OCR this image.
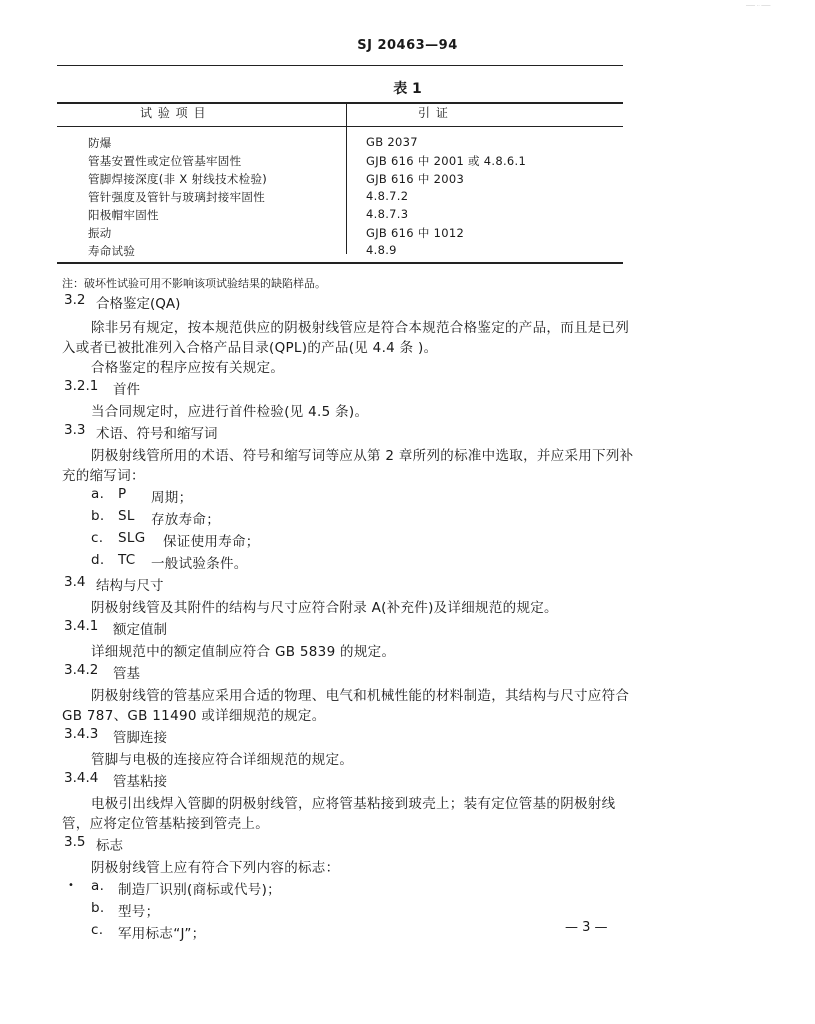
─── ·· ───
SJ 20463—94
表 1
试 验 项 目	引 证
防爆	GB 2037
管基安置性或定位管基牢固性	GJB 616 中 2001 或 4.8.6.1
管脚焊接深度(非 X 射线技术检验)	GJB 616 中 2003
管针强度及管针与玻璃封接牢固性	4.8.7.2
阳极帽牢固性	4.8.7.3
振动	GJB 616 中 1012
寿命试验	4.8.9
注：破坏性试验可用不影响该项试验结果的缺陷样品。
3.2 合格鉴定(QA)
除非另有规定，按本规范供应的阴极射线管应是符合本规范合格鉴定的产品，而且是已列
入或者已被批准列入合格产品目录(QPL)的产品(见 4.4 条 )。
合格鉴定的程序应按有关规定。
3.2.1 首件
当合同规定时，应进行首件检验(见 4.5 条)。
3.3 术语、符号和缩写词
阴极射线管所用的术语、符号和缩写词等应从第 2 章所列的标准中选取，并应采用下列补
充的缩写词：
a. P 周期；
b. SL 存放寿命；
c. SLG 保证使用寿命；
d. TC 一般试验条件。
3.4 结构与尺寸
阴极射线管及其附件的结构与尺寸应符合附录 A(补充件)及详细规范的规定。
3.4.1 额定值制
详细规范中的额定值制应符合 GB 5839 的规定。
3.4.2 管基
阴极射线管的管基应采用合适的物理、电气和机械性能的材料制造，其结构与尺寸应符合
GB 787、GB 11490 或详细规范的规定。
3.4.3 管脚连接
管脚与电极的连接应符合详细规范的规定。
3.4.4 管基粘接
电极引出线焊入管脚的阴极射线管，应将管基粘接到玻壳上；装有定位管基的阴极射线
管，应将定位管基粘接到管壳上。
3.5 标志
阴极射线管上应有符合下列内容的标志：
a. 制造厂识别(商标或代号)；
•
b. 型号；
c. 军用标志“J”；	— 3 —
